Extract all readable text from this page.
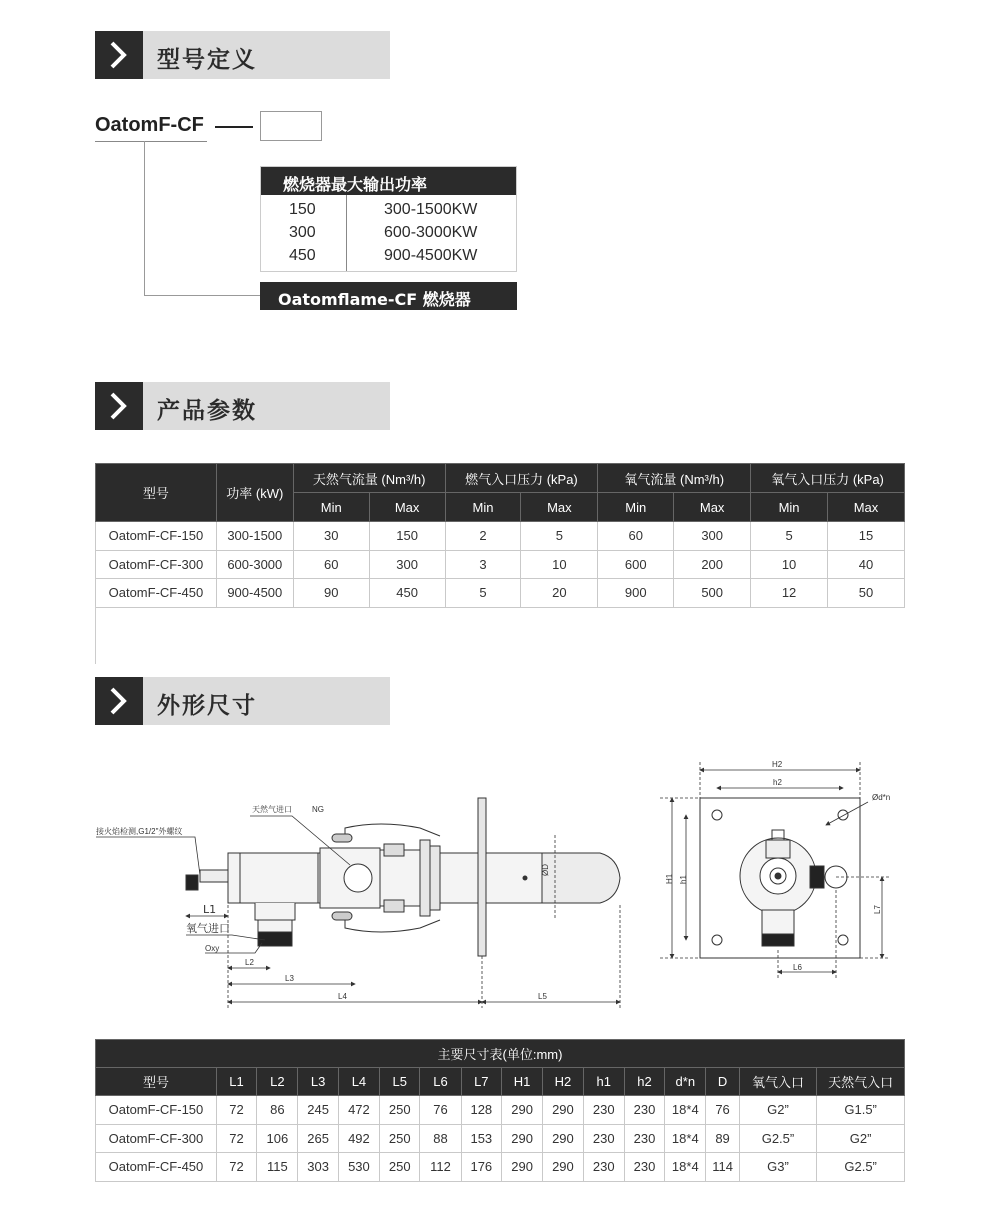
型号定义
OatomF-CF
燃烧器最大输出功率
150	300-1500KW
300	600-3000KW
450	900-4500KW
Oatomflame-CF 燃烧器
产品参数
型号	功率 (kW)	天然气流量 (Nm³/h)		燃气入口压力 (kPa)		氧气流量 (Nm³/h)		氧气入口压力 (kPa)	
		Min	Max	Min	Max	Min	Max	Min	Max
OatomF-CF-150	300-1500	30	150	2	5	60	300	5	15
OatomF-CF-300	600-3000	60	300	3	10	600	200	10	40
OatomF-CF-450	900-4500	90	450	5	20	900	500	12	50
外形尺寸
接火焰检测,G1/2"外螺纹
天然气进口	NG
氧气进口
Oxy
L1
L2
L3
L4	L5
ØD
H2
h2
H1 h1
L7
L6
Ød*n
主要尺寸表(单位:mm)															
型号	L1	L2	L3	L4	L5	L6	L7	H1	H2	h1	h2	d*n	D	氧气入口	天然气入口
OatomF-CF-150	72	86	245	472	250	76	128	290	290	230	230	18*4	76	G2”	G1.5”
OatomF-CF-300	72	106	265	492	250	88	153	290	290	230	230	18*4	89	G2.5”	G2”
OatomF-CF-450	72	115	303	530	250	112	176	290	290	230	230	18*4	114	G3”	G2.5”
